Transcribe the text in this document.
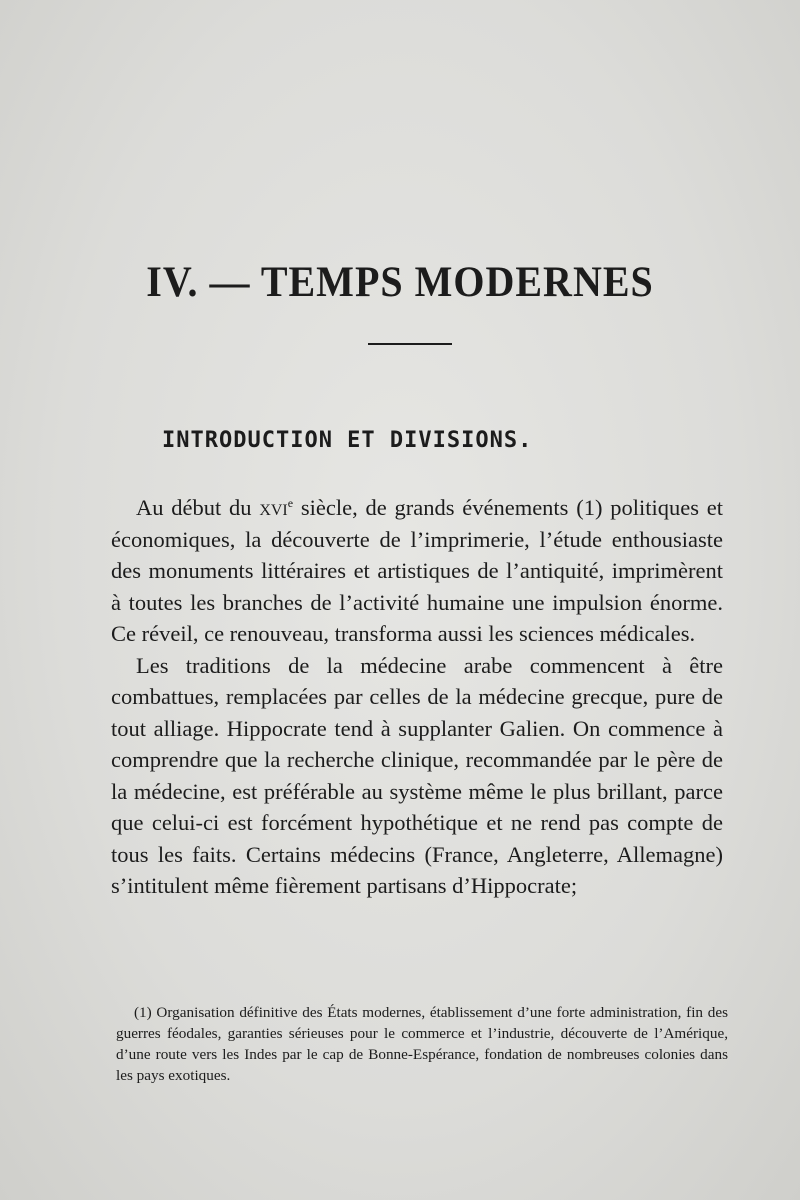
IV. — TEMPS MODERNES
INTRODUCTION ET DIVISIONS.

Au début du xvi$^e$ siècle, de grands événements (1) politiques et économiques, la découverte de l’imprimerie, l’étude enthousiaste des monuments littéraires et artistiques de l’antiquité, imprimèrent à toutes les branches de l’activité humaine une impulsion énorme. Ce réveil, ce renouveau, transforma aussi les sciences médicales.

Les traditions de la médecine arabe commencent à être combattues, remplacées par celles de la médecine grecque, pure de tout alliage. Hippocrate tend à supplanter Galien. On commence à comprendre que la recherche clinique, recommandée par le père de la médecine, est préférable au système même le plus brillant, parce que celui-ci est forcément hypothétique et ne rend pas compte de tous les faits. Certains médecins (France, Angleterre, Allemagne) s’intitulent même fièrement partisans d’Hippocrate;

(1) Organisation définitive des États modernes, établissement d’une forte administration, fin des guerres féodales, garanties sérieuses pour le commerce et l’industrie, découverte de l’Amérique, d’une route vers les Indes par le cap de Bonne-Espérance, fondation de nombreuses colonies dans les pays exotiques.
